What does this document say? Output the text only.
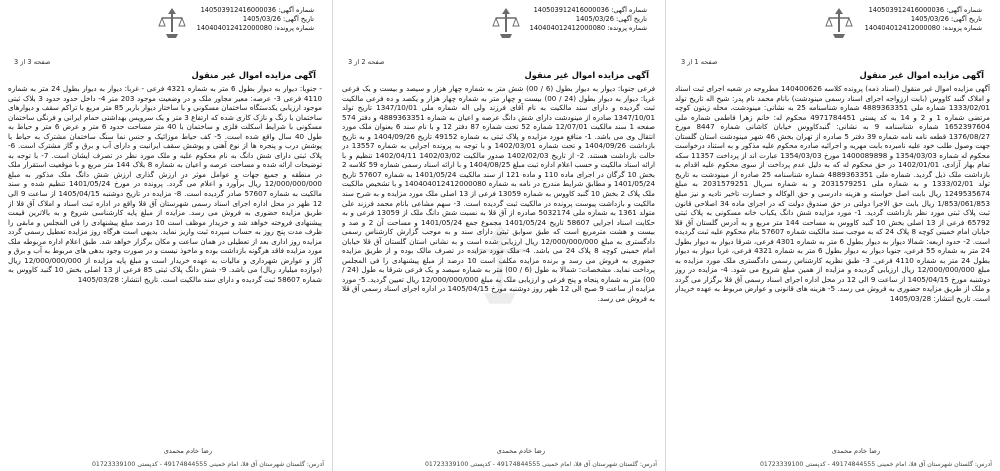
شماره آگهی: 140503912416000036
تاریخ آگهی: 1405/03/26
شماره پرونده: 140404012412000080
صفحه 3 از 3
آگهی مزایده اموال غیر منقول
- جنوبا: دیوار به دیوار بطول 6 متر به شماره 4321 فرعی - غربا: دیوار به دیوار بطول 24 متر به شماره 4110 فرعی 3- عرصه: معیر مجاور ملک و در وضعیت موجود 203 متر 4- داخل حدود حدود 3 بلاک ثبتی موجود ارزیابی یکدستگاه ساختمان مسکونی و با ساختار دیوار باربر 85 متر مربع با تراکم سقف و دیوارهای ساختمان با رنگ و نازک کاری شده که ارتفاع 3 متر و یک سرویس بهداشتی حمام ایرانی و فرنگی ساختمان مسکونی با شرایط اسکلت فلزی و ساختمان با 40 متر مساحت حدود 6 متر و عرض 6 متر و حیاط به طول 40 سال واقع شده است. 5- کف حیاط موزائیک و جنس نما سنگ ساختمان مشترک به حیاط با پوشش درب و پنجره ها از نوع آهنی و پوشش سقف ایرانیت و دارای آب و برق و گاز مشترک است. 6- پلاک ثبتی دارای شش دانگ به نام محکوم علیه و ملک مورد نظر در تصرف ایشان است. 7- با توجه به توضیحات ارائه شده و مساحت عرصه و اعیان به شماره 8 بلاک 144 متر مربع و با موقعیت استقرار ملک در منطقه و جمیع جهات و عوامل موثر در ارزش گذاری ارزش شش دانگ ملک مذکور به مبلغ 12/000/000/000 ریال برآورد و اعلام می گردد. پرونده در مورخ 1401/05/24 تنظیم شده و سند مالکیت به شماره 57607 صادر گردیده است. 8- مزایده در تاریخ دوشنبه 1405/04/15 از ساعت 9 الی 12 ظهر در محل اداره اجرای اسناد رسمی شهرستان آق قلا واقع در اداره ثبت اسناد و املاک آق قلا از طریق مزایده حضوری به فروش می رسد. مزایده از مبلغ پایه کارشناسی شروع و به بالاترین قیمت پیشنهادی فروخته خواهد شد و خریدار موظف است 10 درصد مبلغ پیشنهادی را فی المجلس و مابقی را ظرف مدت پنج روز به حساب سپرده ثبت واریز نماید. بدیهی است هرگاه روز مزایده تعطیل رسمی گردد مزایده روز اداری بعد از تعطیلی در همان ساعت و مکان برگزار خواهد شد. طبق اعلام اداره مربوطه ملک مورد مزایده فاقد هرگونه بازداشت بوده و ماخوذ نیست و در صورت وجود بدهی های مربوط به آب و برق و گاز و عوارض شهرداری و مالیات به عهده خریدار است و مبلغ پایه مزایده از 12/000/000/000 ریال (دوازده میلیارد ریال) می باشد. 9- شش دانگ پلاک ثبتی 85 فرعی از 13 اصلی بخش 10 گنبد کاووس به شماره 58607 ثبت گردیده و دارای سند مالکیت است. تاریخ انتشار: 1405/03/28
رضا خادم محمدی
آدرس: گلستان شهرستان آق قلا، امام خمینی 49174844555 - کدپستی 01723339100
شماره آگهی: 140503912416000036
تاریخ آگهی: 1405/03/26
شماره پرونده: 140404012412000080
صفحه 2 از 3
آگهی مزایده اموال غیر منقول
فرعی جنوبا: دیوار به دیوار بطول (6 / 00) شش متر به شماره چهار هزار و سیصد و بیست و یک فرعی غربا: دیوار به دیوار بطول (24 / 00) بیست و چهار متر به شماره چهار هزار و یکصد و ده فرعی مالکیت ثبت گردیده و دارای سند مالکیت به نام آقای فرزند ولی اله شماره ملی 1347/10/01 تاریخ تولد 1347/10/01 صادره از مینودشت دارای شش دانگ عرصه و اعیان به شماره 4889363351 و دفتر 574 صفحه 1 سند مالکیت 12/07/01 شماره 52 تحت شماره 87 دفتر 12 و با نام سند 6 بعنوان ملک مورد انتقال وی می باشد. 1- منافع مورد مزایده و پلاک ثبتی به شماره 49152 تاریخ 1404/09/26 و به تاریخ بازداشت 1404/09/26 و تحت شماره 1402/03/01 و با توجه به پرونده اجرایی به شماره 13557 در حالت بازداشت هستند. 2- از تاریخ 1402/02/03 صدور مالکیت 1402/03/02 1402/04/11 تنظیم و با ارائه اسناد مالکیت و حسب اعلام اداره ثبت مبلغ 1404/08/25 و با ارائه اسناد رسمی شماره 59 کلاسه 2 بخش 10 گرگان در اجرای ماده 110 و ماده 121 از سند مالکیت 1401/05/24 به شماره 57607 تاریخ 1401/05/24 و مطابق شرایط مندرج در نامه به شماره 140404012412000080 و با تشخیص مالکیت ملک پلاک 2 بخش 10 گنبد کاووس به شماره 13059 فرعی از 13 اصلی ملک مورد مزایده و به شرح سند مالکیت و بازداشت پیوست پرونده در مالکیت ثبت گردیده است. 3- سهم مشاعی بانام محمد فرزند علی متولد 1361 به شماره ملی 5032174 صادره از آق قلا به نسبت شش دانگ ملک از 13059 فرعی و به حکایت اسناد اجرایی 58607 تاریخ 1401/05/24 مجموع جمع 1401/05/24 و مساحت آن 2 و صد و بیست و هشت مترمربع است که طبق سوابق ثبتی دارای سند و به موجب گزارش کارشناس رسمی دادگستری به مبلغ 12/000/000/000 ریال ارزیابی شده است و به نشانی استان گلستان آق قلا خیابان امام خمینی کوچه 8 پلاک 24 می باشد. 4- ملک مورد مزایده در تصرف مالک بوده و از طریق مزایده حضوری به فروش می رسد و برنده مزایده مکلف است 10 درصد از مبلغ پیشنهادی را فی المجلس پرداخت نماید. مشخصات: شمالا به طول (6 / 00) متر به شماره سیصد و یک فرعی شرقا به طول (24 / 00) متر به شماره پنجاه و پنج فرعی و ارزیابی ملک به مبلغ 12/000/000/000 ریال تعیین گردید. 5- مورد مزایده از ساعت 9 صبح الی 12 ظهر روز دوشنبه مورخ 1405/04/15 در اداره اجرای اسناد رسمی آق قلا به فروش می رسد.
رضا خادم محمدی
آدرس: گلستان شهرستان آق قلا، امام خمینی 49174844555 - کدپستی 01723339100
شماره آگهی: 140503912416000036
تاریخ آگهی: 1405/03/26
شماره پرونده: 140404012412000080
صفحه 1 از 3
آگهی مزایده اموال غیر منقول
آگهی مزایده اموال غیر منقول (اسناد ذمه) پرونده کلاسه 140400626 مطروحه در شعبه اجرای ثبت اسناد و املاک گنبد کاووس (بابت ارزواجه اجرای اسناد رسمی مینودشت) بانام محمد نام پدر: شیخ اله تاریخ تولد 1333/02/01 شماره ملی 4889363351 شماره شناسنامه 25 به نشانی: مینودشت، محله زیتون کوچه مرتضی شماره 1 و 2 و 14 به کد پستی 4971784451 محکوم له: خانم زهرا فاطمی شماره ملی 1652397604 شماره شناسنامه 9 به نشانی: گنبدکاووس خیابان کاشانی شماره 8447 مورخ 1376/08/27 قطعه نامه نامه شماره 39 دفتر 5 صادره از تهران بخش 46 شهر مینودشت استان گلستان جهت وصول طلب خود علیه نامبرده بابت مهریه و اجرائیه صادره محکوم علیه مذکور و به استناد درخواست محکوم له شماره 1354/03/03 و 1400089898 مورخ 1354/03/03 عبارت اند از پرداخت 11357 سکه تمام بهار آزادی، 1402/01/01 در حق محکوم له که به دلیل عدم پرداخت از سوی محکوم علیه اقدام به بازداشت ملک ذیل گردید. شماره ملی 4889363351 شماره شناسنامه 25 صادره از مینودشت به تاریخ تولد 1333/02/01 و به شماره ملی 2031579251 و به شماره سریال 2031579251 به مبلغ 1249535674 ریال بابت اصل خواسته و هزینه دادرسی و حق الوکاله و خسارت تاخیر تادیه و نیز مبلغ 1/853/061/853 ریال بابت حق الاجرا دولتی در حق صندوق دولت که در اجرای ماده 34 اصلاحی قانون ثبت پلاک ثبتی مورد نظر بازداشت گردید. 1- مورد مزایده شش دانگ یکباب خانه مسکونی به پلاک ثبتی 65792 فرعی از 13 اصلی بخش 10 گنبد کاووس به مساحت 144 متر مربع و به آدرس گلستان آق قلا خیابان امام خمینی کوچه 8 پلاک 24 که به موجب سند مالکیت شماره 57607 بنام محکوم علیه ثبت گردیده است. 2- حدود اربعه: شمالا دیوار به دیوار بطول 6 متر به شماره 4301 فرعی، شرقا دیوار به دیوار بطول 24 متر به شماره 55 فرعی، جنوبا دیوار به دیوار بطول 6 متر به شماره 4321 فرعی، غربا دیوار به دیوار بطول 24 متر به شماره 4110 فرعی. 3- طبق نظریه کارشناس رسمی دادگستری ملک مورد مزایده به مبلغ 12/000/000/000 ریال ارزیابی گردیده و مزایده از همین مبلغ شروع می شود. 4- مزایده در روز دوشنبه مورخ 1405/04/15 از ساعت 9 الی 12 در محل اداره اجرای اسناد رسمی آق قلا برگزار می گردد و ملک از طریق مزایده حضوری به فروش می رسد. 5- هزینه های قانونی و عوارض مربوط به عهده خریدار است. تاریخ انتشار: 1405/03/28
رضا خادم محمدی
آدرس: گلستان شهرستان آق قلا، امام خمینی 49174844555 - کدپستی 01723339100
